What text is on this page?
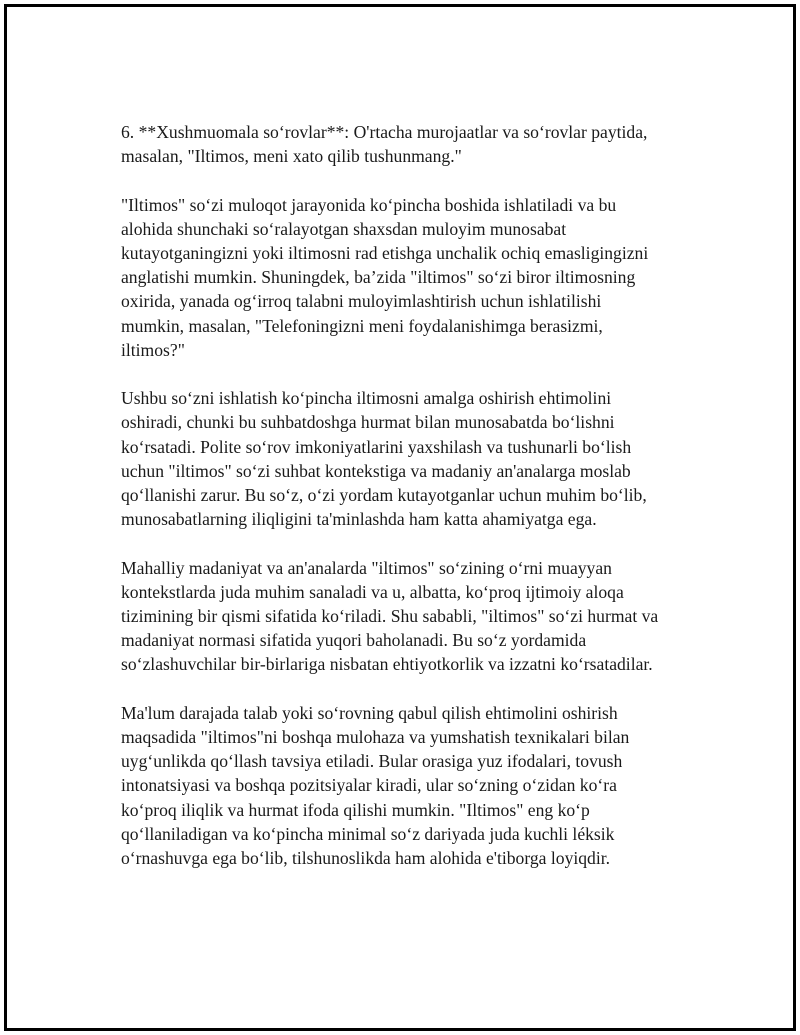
6. **Xushmuomala so‘rovlar**: O'rtacha murojaatlar va so‘rovlar paytida,
masalan, "Iltimos, meni xato qilib tushunmang."

"Iltimos" so‘zi muloqot jarayonida ko‘pincha boshida ishlatiladi va bu
alohida shunchaki so‘ralayotgan shaxsdan muloyim munosabat
kutayotganingizni yoki iltimosni rad etishga unchalik ochiq emasligingizni
anglatishi mumkin. Shuningdek, ba’zida "iltimos" so‘zi biror iltimosning
oxirida, yanada og‘irroq talabni muloyimlashtirish uchun ishlatilishi
mumkin, masalan, "Telefoningizni meni foydalanishimga berasizmi,
iltimos?"

Ushbu so‘zni ishlatish ko‘pincha iltimosni amalga oshirish ehtimolini
oshiradi, chunki bu suhbatdoshga hurmat bilan munosabatda bo‘lishni
ko‘rsatadi. Polite so‘rov imkoniyatlarini yaxshilash va tushunarli bo‘lish
uchun "iltimos" so‘zi suhbat kontekstiga va madaniy an'analarga moslab
qo‘llanishi zarur. Bu so‘z, o‘zi yordam kutayotganlar uchun muhim bo‘lib,
munosabatlarning iliqligini ta'minlashda ham katta ahamiyatga ega.

Mahalliy madaniyat va an'analarda "iltimos" so‘zining o‘rni muayyan
kontekstlarda juda muhim sanaladi va u, albatta, ko‘proq ijtimoiy aloqa
tizimining bir qismi sifatida ko‘riladi. Shu sababli, "iltimos" so‘zi hurmat va
madaniyat normasi sifatida yuqori baholanadi. Bu so‘z yordamida
so‘zlashuvchilar bir-birlariga nisbatan ehtiyotkorlik va izzatni ko‘rsatadilar.

Ma'lum darajada talab yoki so‘rovning qabul qilish ehtimolini oshirish
maqsadida "iltimos"ni boshqa mulohaza va yumshatish texnikalari bilan
uyg‘unlikda qo‘llash tavsiya etiladi. Bular orasiga yuz ifodalari, tovush
intonatsiyasi va boshqa pozitsiyalar kiradi, ular so‘zning o‘zidan ko‘ra
ko‘proq iliqlik va hurmat ifoda qilishi mumkin. "Iltimos" eng ko‘p
qo‘llaniladigan va ko‘pincha minimal so‘z dariyada juda kuchli léksik
o‘rnashuvga ega bo‘lib, tilshunoslikda ham alohida e'tiborga loyiqdir.
